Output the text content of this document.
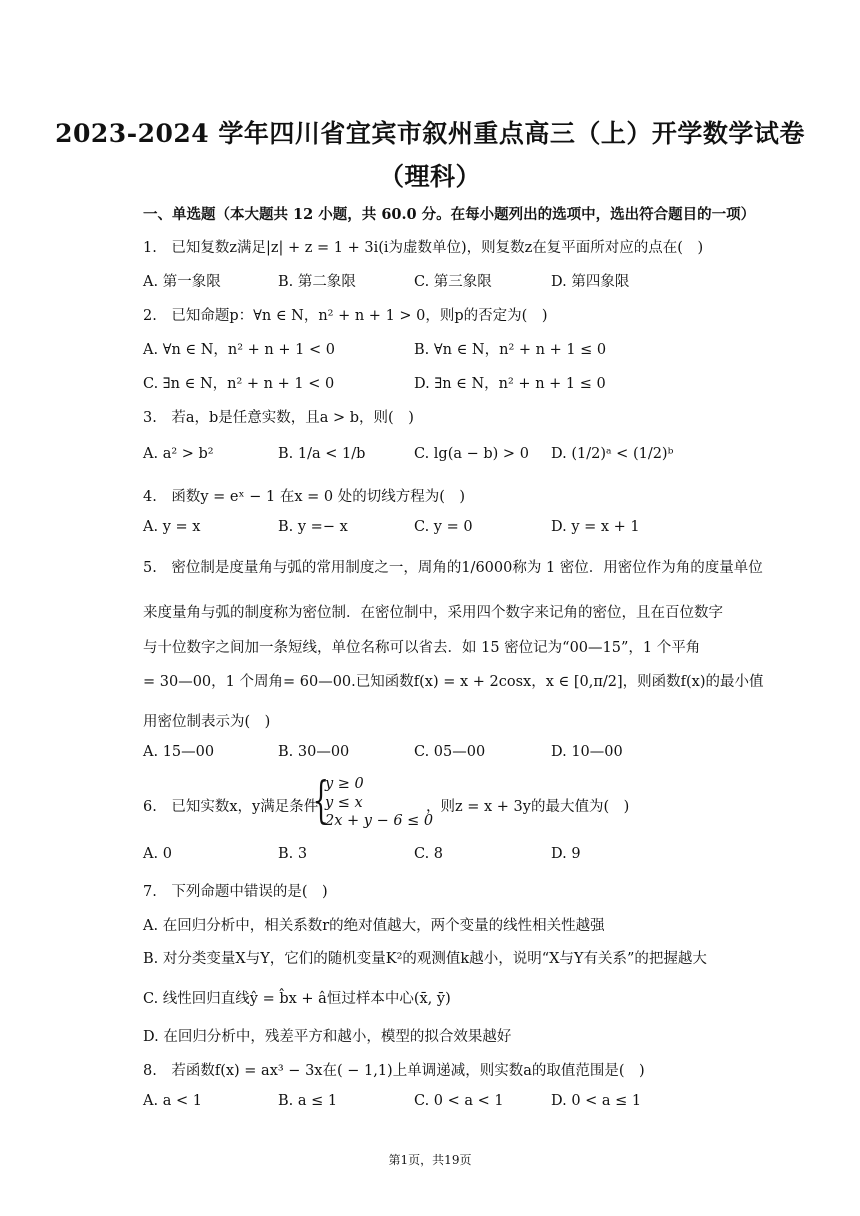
2023-2024 学年四川省宜宾市叙州重点高三（上）开学数学试卷
（理科）
一、单选题（本大题共 12 小题，共 60.0 分。在每小题列出的选项中，选出符合题目的一项）
1.　已知复数z满足|z| + z = 1 + 3i(i为虚数单位)，则复数z在复平面所对应的点在(　)
A. 第一象限	B. 第二象限	C. 第三象限	D. 第四象限
2.　已知命题p：∀n ∈ N，n² + n + 1 > 0，则p的否定为(　)
A. ∀n ∈ N，n² + n + 1 < 0	B. ∀n ∈ N，n² + n + 1 ≤ 0
C. ∃n ∈ N，n² + n + 1 < 0	D. ∃n ∈ N，n² + n + 1 ≤ 0
3.　若a，b是任意实数，且a > b，则(　)
A. a² > b²	B. 1/a < 1/b	C. lg(a − b) > 0 D. (1/2)ᵃ < (1/2)ᵇ
4.　函数y = eˣ − 1 在x = 0 处的切线方程为(　)
A. y = x	B. y =− x	C. y = 0	D. y = x + 1
5.　密位制是度量角与弧的常用制度之一，周角的1/6000称为 1 密位．用密位作为角的度量单位
来度量角与弧的制度称为密位制．在密位制中，采用四个数字来记角的密位，且在百位数字
与十位数字之间加一条短线，单位名称可以省去．如 15 密位记为“00—15”，1 个平角
= 30—00，1 个周角= 60—00.已知函数f(x) = x + 2cosx，x ∈ [0,π/2]，则函数f(x)的最小值
用密位制表示为(　)
A. 15—00	B. 30—00	C. 05—00	D. 10—00
6.　已知实数x，y满足条件
{
y ≥ 0
y ≤ x
2x + y − 6 ≤ 0
，则z = x + 3y的最大值为(　)
A. 0	B. 3	C. 8	D. 9
7.　下列命题中错误的是(　)
A. 在回归分析中，相关系数r的绝对值越大，两个变量的线性相关性越强
B. 对分类变量X与Y，它们的随机变量K²的观测值k越小，说明“X与Y有关系”的把握越大
C. 线性回归直线ŷ = b̂x + â恒过样本中心(x̄, ȳ)
D. 在回归分析中，残差平方和越小，模型的拟合效果越好
8.　若函数f(x) = ax³ − 3x在( − 1,1)上单调递减，则实数a的取值范围是(　)
A. a < 1	B. a ≤ 1	C. 0 < a < 1	D. 0 < a ≤ 1
第1页，共19页
